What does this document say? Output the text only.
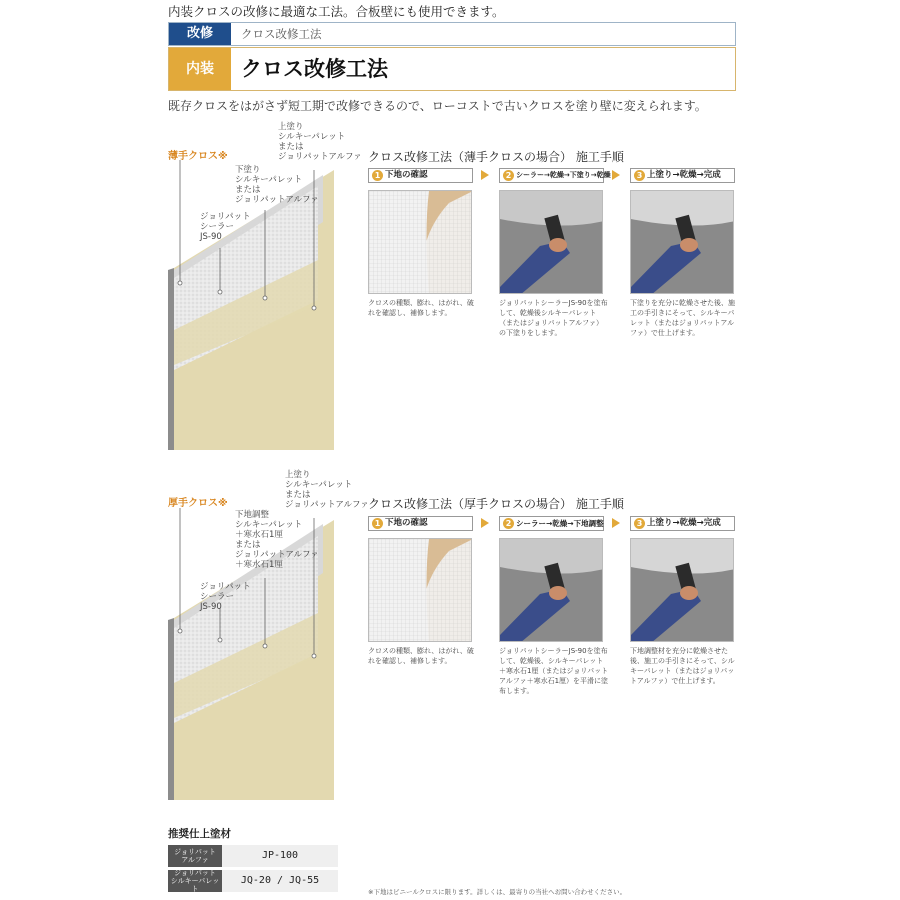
内装クロスの改修に最適な工法。合板壁にも使用できます。
改修	クロス改修工法
内装	クロス改修工法
既存クロスをはがさず短工期で改修できるので、ローコストで古いクロスを塗り壁に変えられます。
薄手クロス※
上塗り
シルキーパレット
または
ジョリパットアルファ
下塗り
シルキーパレット
または
ジョリパットアルファ
ジョリパット
シーラー
JS-90
クロス改修工法（薄手クロスの場合） 施工手順
1 下地の確認	2 シーラー→乾燥→下塗り→乾燥	3 上塗り→乾燥→完成
クロスの種類、膨れ、はがれ、破れを確認し、補修します。
ジョリパットシーラーJS-90を塗布して、乾燥後シルキーパレット（またはジョリパットアルファ）の下塗りをします。
下塗りを充分に乾燥させた後、施工の手引きにそって、シルキーパレット（またはジョリパットアルファ）で仕上げます。
厚手クロス※
上塗り
シルキーパレット
または
ジョリパットアルファ
下地調整
シルキーパレット
＋寒水石1厘
または
ジョリパットアルファ
＋寒水石1厘
ジョリパット
シーラー
JS-90
クロス改修工法（厚手クロスの場合） 施工手順
1 下地の確認	2 シーラー→乾燥→下地調整	3 上塗り→乾燥→完成
クロスの種類、膨れ、はがれ、破れを確認し、補修します。
ジョリパットシーラーJS-90を塗布して、乾燥後、シルキーパレット＋寒水石1厘（またはジョリパットアルファ＋寒水石1厘）を平滑に塗布します。
下地調整材を充分に乾燥させた後、施工の手引きにそって、シルキーパレット（またはジョリパットアルファ）で仕上げます。
推奨仕上塗材
ジョリパット
アルファ	JP-100
ジョリパット
シルキーパレット
JQ-20 / JQ-55
※下地はビニールクロスに限ります。詳しくは、最寄りの当社へお問い合わせください。
